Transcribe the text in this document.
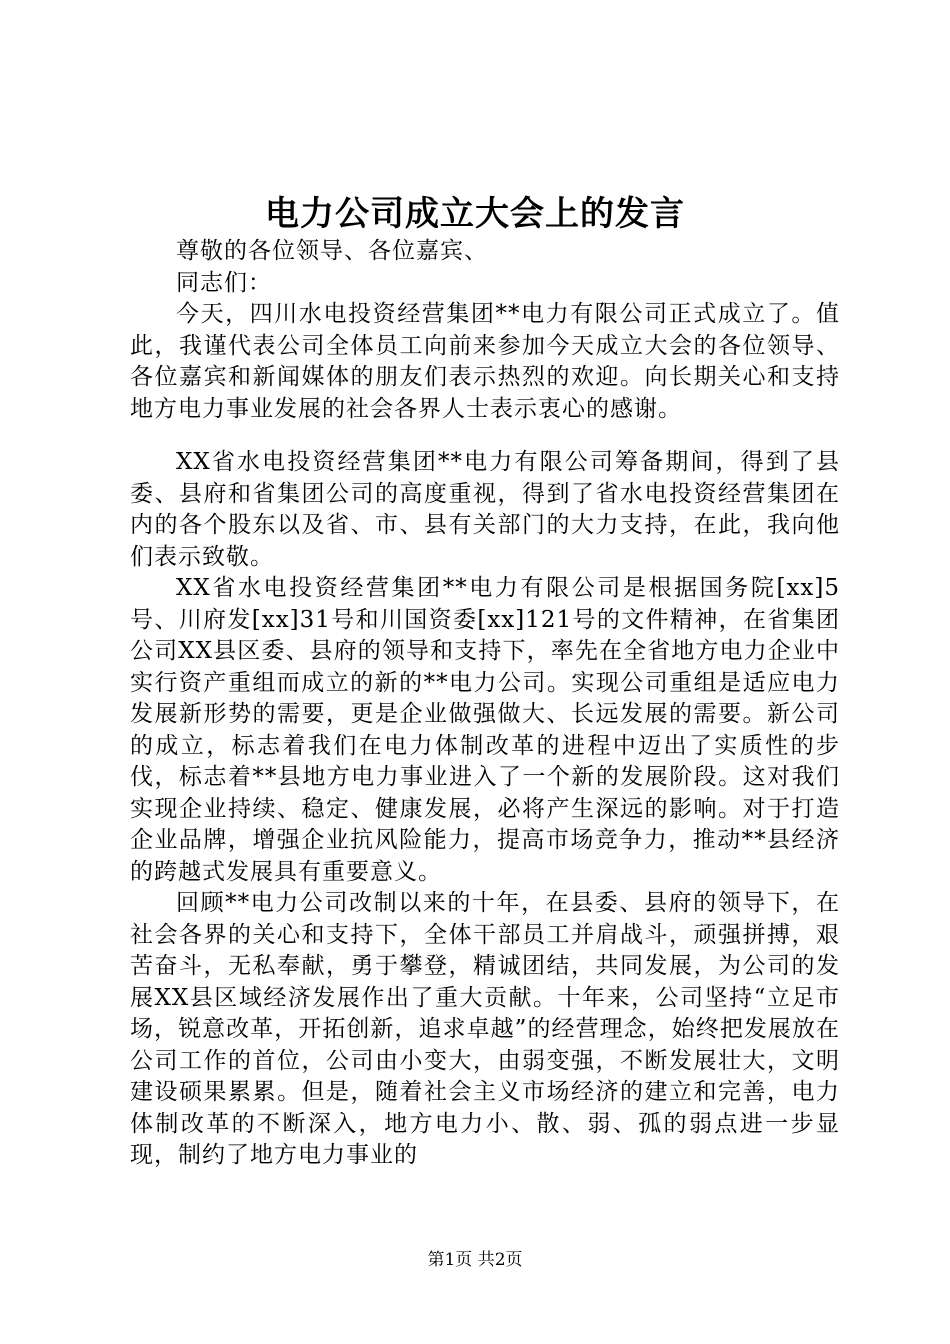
电力公司成立大会上的发言

尊敬的各位领导、各位嘉宾、

同志们：

今天，四川水电投资经营集团**电力有限公司正式成立了。值此，我谨代表公司全体员工向前来参加今天成立大会的各位领导、各位嘉宾和新闻媒体的朋友们表示热烈的欢迎。向长期关心和支持地方电力事业发展的社会各界人士表示衷心的感谢。

XX省水电投资经营集团**电力有限公司筹备期间，得到了县委、县府和省集团公司的高度重视，得到了省水电投资经营集团在内的各个股东以及省、市、县有关部门的大力支持，在此，我向他们表示致敬。

XX省水电投资经营集团**电力有限公司是根据国务院[xx]5号、川府发[xx]31号和川国资委[xx]121号的文件精神，在省集团公司XX县区委、县府的领导和支持下，率先在全省地方电力企业中实行资产重组而成立的新的**电力公司。实现公司重组是适应电力发展新形势的需要，更是企业做强做大、长远发展的需要。新公司的成立，标志着我们在电力体制改革的进程中迈出了实质性的步伐，标志着**县地方电力事业进入了一个新的发展阶段。这对我们实现企业持续、稳定、健康发展，必将产生深远的影响。对于打造企业品牌，增强企业抗风险能力，提高市场竞争力，推动**县经济的跨越式发展具有重要意义。

回顾**电力公司改制以来的十年，在县委、县府的领导下，在社会各界的关心和支持下，全体干部员工并肩战斗，顽强拼搏，艰苦奋斗，无私奉献，勇于攀登，精诚团结，共同发展，为公司的发展XX县区域经济发展作出了重大贡献。十年来，公司坚持“立足市场，锐意改革，开拓创新，追求卓越”的经营理念，始终把发展放在公司工作的首位，公司由小变大，由弱变强，不断发展壮大，文明建设硕果累累。但是，随着社会主义市场经济的建立和完善，电力体制改革的不断深入，地方电力小、散、弱、孤的弱点进一步显现，制约了地方电力事业的

第1页 共2页
